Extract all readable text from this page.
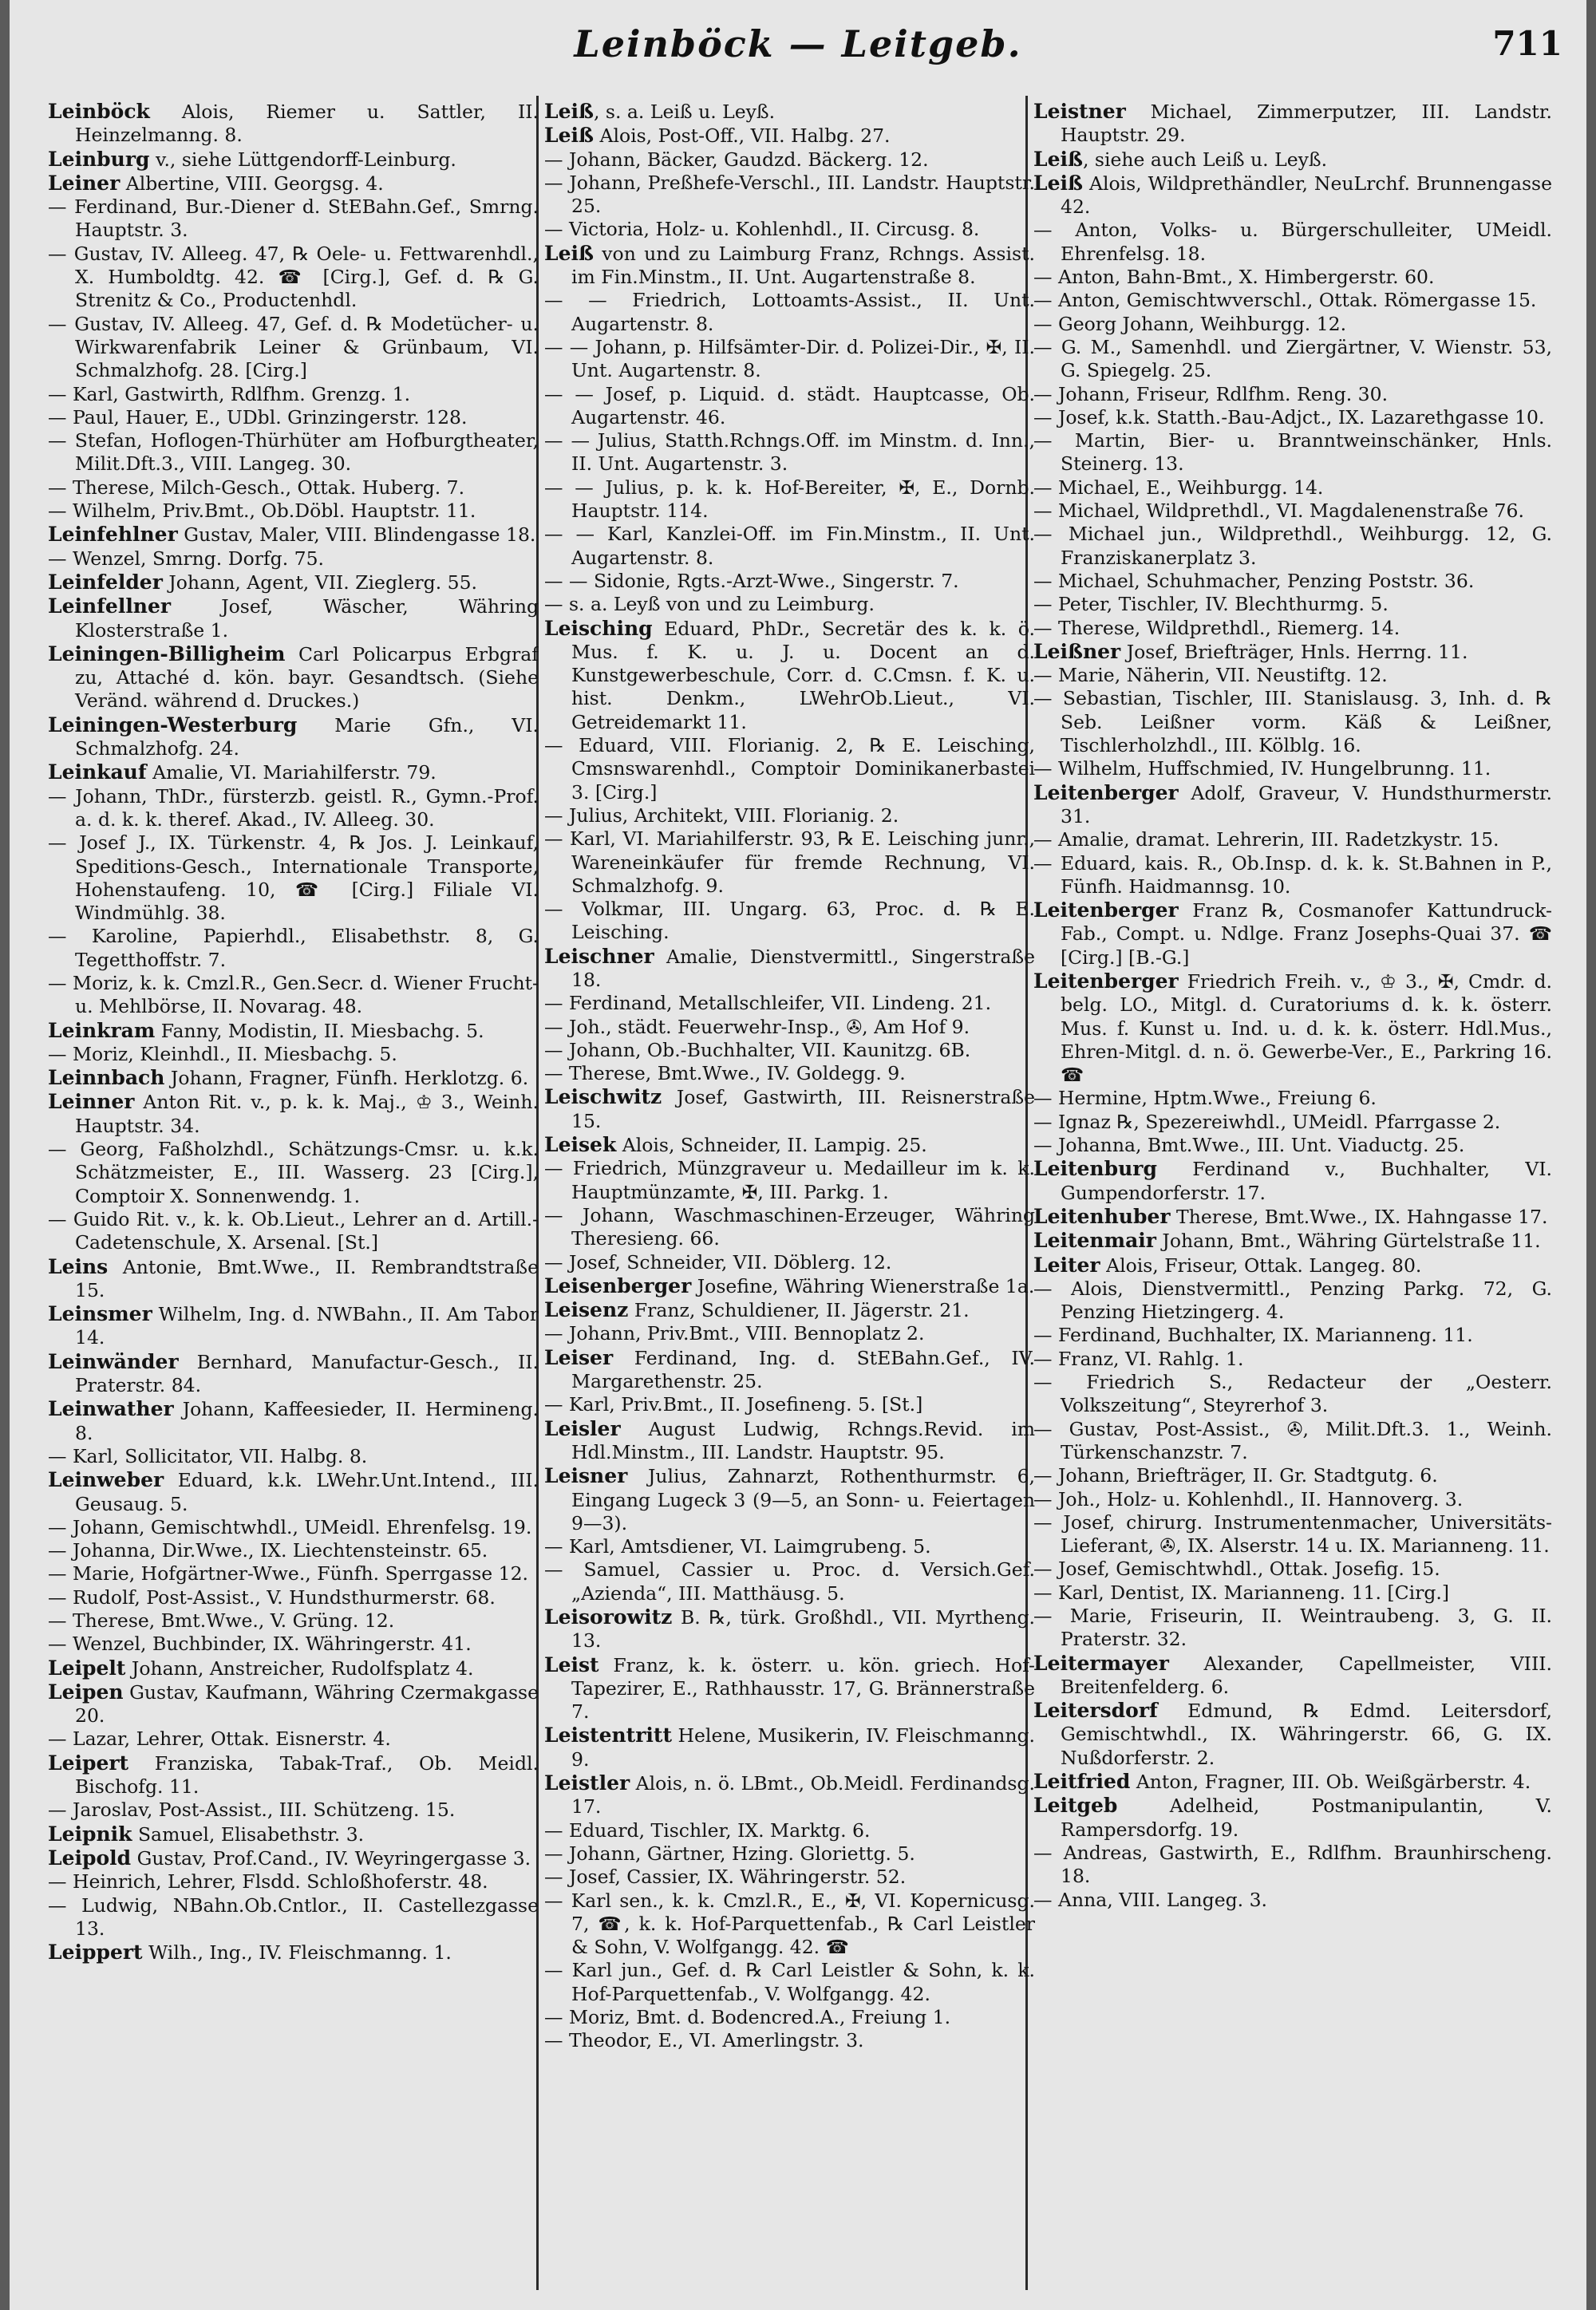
Leinböck — Leitgeb.	711

Leinböck Alois, Riemer u. Sattler, II. Heinzelmanng. 8.

Leinburg v., siehe Lüttgendorff-Leinburg.

Leiner Albertine, VIII. Georgsg. 4.

— Ferdinand, Bur.-Diener d. StEBahn.Gef., Smrng. Hauptstr. 3.

— Gustav, IV. Alleeg. 47, ℞ Oele- u. Fettwarenhdl., X. Humboldtg. 42. ☎ [Cirg.], Gef. d. ℞ G. Strenitz & Co., Productenhdl.

— Gustav, IV. Alleeg. 47, Gef. d. ℞ Modetücher- u. Wirkwarenfabrik Leiner & Grünbaum, VI. Schmalzhofg. 28. [Cirg.]

— Karl, Gastwirth, Rdlfhm. Grenzg. 1.

— Paul, Hauer, E., UDbl. Grinzingerstr. 128.

— Stefan, Hoflogen-Thürhüter am Hofburgtheater, Milit.Dft.3., VIII. Langeg. 30.

— Therese, Milch-Gesch., Ottak. Huberg. 7.

— Wilhelm, Priv.Bmt., Ob.Döbl. Hauptstr. 11.

Leinfehlner Gustav, Maler, VIII. Blindengasse 18.

— Wenzel, Smrng. Dorfg. 75.

Leinfelder Johann, Agent, VII. Zieglerg. 55.

Leinfellner	Josef, Wäscher, Währing Klosterstraße 1.

Leiningen-Billigheim Carl Policarpus Erbgraf zu, Attaché d. kön. bayr. Gesandtsch. (Siehe Veränd. während d. Druckes.)

Leiningen-Westerburg Marie Gfn., VI. Schmalzhofg. 24.

Leinkauf Amalie, VI. Mariahilferstr. 79.

— Johann, ThDr., fürsterzb. geistl. R., Gymn.-Prof. a. d. k. k. theref. Akad., IV. Alleeg. 30.

— Josef J., IX. Türkenstr. 4, ℞ Jos. J. Leinkauf, Speditions-Gesch., Internationale Transporte, Hohenstaufeng. 10, ☎ [Cirg.] Filiale VI. Windmühlg. 38.

— Karoline, Papierhdl., Elisabethstr. 8, G. Tegetthoffstr. 7.

— Moriz, k. k. Cmzl.R., Gen.Secr. d. Wiener Frucht- u. Mehlbörse, II. Novarag. 48.

Leinkram Fanny, Modistin, II. Miesbachg. 5.

— Moriz, Kleinhdl., II. Miesbachg. 5.

Leinnbach Johann, Fragner, Fünfh. Herklotzg. 6.

Leinner Anton Rit. v., p. k. k. Maj., ♔ 3., Weinh. Hauptstr. 34.

— Georg, Faßholzhdl., Schätzungs-Cmsr. u. k.k. Schätzmeister, E., III. Wasserg. 23 [Cirg.], Comptoir X. Sonnenwendg. 1.

— Guido Rit. v., k. k. Ob.Lieut., Lehrer an d. Artill.-Cadetenschule, X. Arsenal. [St.]

Leins Antonie, Bmt.Wwe., II. Rembrandtstraße 15.

Leinsmer Wilhelm, Ing. d. NWBahn., II. Am Tabor 14.

Leinwänder Bernhard, Manufactur-Gesch., II. Praterstr. 84.

Leinwather Johann, Kaffeesieder, II. Hermineng. 8.

— Karl, Sollicitator, VII. Halbg. 8.

Leinweber Eduard, k.k. LWehr.Unt.Intend., III. Geusaug. 5.

— Johann, Gemischtwhdl., UMeidl. Ehrenfelsg. 19.

— Johanna, Dir.Wwe., IX. Liechtensteinstr. 65.

— Marie, Hofgärtner-Wwe., Fünfh. Sperrgasse 12.

— Rudolf, Post-Assist., V. Hundsthurmerstr. 68.

— Therese, Bmt.Wwe., V. Grüng. 12.

— Wenzel, Buchbinder, IX. Währingerstr. 41.

Leipelt Johann, Anstreicher, Rudolfsplatz 4.

Leipen Gustav, Kaufmann, Währing Czermakgasse 20.

— Lazar, Lehrer, Ottak. Eisnerstr. 4.

Leipert Franziska, Tabak-Traf., Ob. Meidl. Bischofg. 11.

— Jaroslav, Post-Assist., III. Schützeng. 15.

Leipnik Samuel, Elisabethstr. 3.

Leipold Gustav, Prof.Cand., IV. Weyringergasse 3.

— Heinrich, Lehrer, Flsdd. Schloßhoferstr. 48.

— Ludwig, NBahn.Ob.Cntlor., II. Castellezgasse 13.

Leippert Wilh., Ing., IV. Fleischmanng. 1.

Leiß, s. a. Leiß u. Leyß.

Leiß Alois, Post-Off., VII. Halbg. 27.

— Johann, Bäcker, Gaudzd. Bäckerg. 12.

— Johann, Preßhefe-Verschl., III. Landstr. Hauptstr. 25.

— Victoria, Holz- u. Kohlenhdl., II. Circusg. 8.

Leiß von und zu Laimburg Franz, Rchngs. Assist. im Fin.Minstm., II. Unt. Augartenstraße 8.

— — Friedrich, Lottoamts-Assist., II. Unt. Augartenstr. 8.

— — Johann, p. Hilfsämter-Dir. d. Polizei-Dir., ✠, II. Unt. Augartenstr. 8.

— — Josef, p. Liquid. d. städt. Hauptcasse, Ob. Augartenstr. 46.

— — Julius, Statth.Rchngs.Off. im Minstm. d. Inn., II. Unt. Augartenstr. 3.

— — Julius, p. k. k. Hof-Bereiter, ✠, E., Dornb. Hauptstr. 114.

— — Karl, Kanzlei-Off. im Fin.Minstm., II. Unt. Augartenstr. 8.

— — Sidonie, Rgts.-Arzt-Wwe., Singerstr. 7.

— s. a. Leyß von und zu Leimburg.

Leisching Eduard, PhDr., Secretär des k. k. ö. Mus. f. K. u. J. u. Docent an d. Kunstgewerbeschule, Corr. d. C.Cmsn. f. K. u. hist. Denkm., LWehrOb.Lieut., VI. Getreidemarkt 11.

— Eduard, VIII. Florianig. 2, ℞ E. Leisching, Cmsnswarenhdl., Comptoir Dominikanerbastei 3. [Cirg.]

— Julius, Architekt, VIII. Florianig. 2.

— Karl, VI. Mariahilferstr. 93, ℞ E. Leisching junr., Wareneinkäufer für fremde Rechnung, VI. Schmalzhofg. 9.

— Volkmar, III. Ungarg. 63, Proc. d. ℞ E. Leisching.

Leischner Amalie, Dienstvermittl., Singerstraße 18.

— Ferdinand, Metallschleifer, VII. Lindeng. 21.

— Joh., städt. Feuerwehr-Insp., ✇, Am Hof 9.

— Johann, Ob.-Buchhalter, VII. Kaunitzg. 6B.

— Therese, Bmt.Wwe., IV. Goldegg. 9.

Leischwitz Josef, Gastwirth, III. Reisnerstraße 15.

Leisek Alois, Schneider, II. Lampig. 25.

— Friedrich, Münzgraveur u. Medailleur im k. k. Hauptmünzamte, ✠, III. Parkg. 1.

— Johann, Waschmaschinen-Erzeuger, Währing Theresieng. 66.

— Josef, Schneider, VII. Döblerg. 12.

Leisenberger Josefine, Währing Wienerstraße 1a.

Leisenz Franz, Schuldiener, II. Jägerstr. 21.

— Johann, Priv.Bmt., VIII. Bennoplatz 2.

Leiser Ferdinand, Ing. d. StEBahn.Gef., IV. Margarethenstr. 25.

— Karl, Priv.Bmt., II. Josefineng. 5. [St.]

Leisler August Ludwig, Rchngs.Revid. im Hdl.Minstm., III. Landstr. Hauptstr. 95.

Leisner Julius, Zahnarzt, Rothenthurmstr. 6, Eingang Lugeck 3 (9—5, an Sonn- u. Feiertagen 9—3).

— Karl, Amtsdiener, VI. Laimgrubeng. 5.

— Samuel, Cassier u. Proc. d. Versich.Gef. „Azienda“, III. Matthäusg. 5.

Leisorowitz B. ℞, türk. Großhdl., VII. Myrtheng. 13.

Leist Franz, k. k. österr. u. kön. griech. Hof-Tapezirer, E., Rathhausstr. 17, G. Brännerstraße 7.

Leistentritt Helene, Musikerin, IV. Fleischmanng. 9.

Leistler Alois, n. ö. LBmt., Ob.Meidl. Ferdinandsg. 17.

— Eduard, Tischler, IX. Marktg. 6.

— Johann, Gärtner, Hzing. Gloriettg. 5.

— Josef, Cassier, IX. Währingerstr. 52.

— Karl sen., k. k. Cmzl.R., E., ✠, VI. Kopernicusg. 7, ☎, k. k. Hof-Parquettenfab., ℞ Carl Leistler & Sohn, V. Wolfgangg. 42. ☎

— Karl jun., Gef. d. ℞ Carl Leistler & Sohn, k. k. Hof-Parquettenfab., V. Wolfgangg. 42.

— Moriz, Bmt. d. Bodencred.A., Freiung 1.

— Theodor, E., VI. Amerlingstr. 3.

Leistner Michael, Zimmerputzer, III. Landstr. Hauptstr. 29.

Leiß, siehe auch Leiß u. Leyß.

Leiß Alois, Wildprethändler, NeuLrchf. Brunnengasse 42.

— Anton, Volks- u. Bürgerschulleiter, UMeidl. Ehrenfelsg. 18.

— Anton, Bahn-Bmt., X. Himbergerstr. 60.

— Anton, Gemischtwverschl., Ottak. Römergasse 15.

— Georg Johann, Weihburgg. 12.

— G. M., Samenhdl. und Ziergärtner, V. Wienstr. 53, G. Spiegelg. 25.

— Johann, Friseur, Rdlfhm. Reng. 30.

— Josef, k.k. Statth.-Bau-Adjct., IX. Lazarethgasse 10.

— Martin, Bier- u. Branntweinschänker, Hnls. Steinerg. 13.

— Michael, E., Weihburgg. 14.

— Michael, Wildprethdl., VI. Magdalenenstraße 76.

— Michael jun., Wildprethdl., Weihburgg. 12, G. Franziskanerplatz 3.

— Michael, Schuhmacher, Penzing Poststr. 36.

— Peter, Tischler, IV. Blechthurmg. 5.

— Therese, Wildprethdl., Riemerg. 14.

Leißner Josef, Briefträger, Hnls. Herrng. 11.

— Marie, Näherin, VII. Neustiftg. 12.

— Sebastian, Tischler, III. Stanislausg. 3, Inh. d. ℞ Seb. Leißner vorm. Käß & Leißner, Tischlerholzhdl., III. Kölblg. 16.

— Wilhelm, Huffschmied, IV. Hungelbrunng. 11.

Leitenberger Adolf, Graveur, V. Hundsthurmerstr. 31.

— Amalie, dramat. Lehrerin, III. Radetzkystr. 15.

— Eduard, kais. R., Ob.Insp. d. k. k. St.Bahnen in P., Fünfh. Haidmannsg. 10.

Leitenberger Franz ℞, Cosmanofer Kattundruck-Fab., Compt. u. Ndlge. Franz Josephs-Quai 37. ☎ [Cirg.] [B.-G.]

Leitenberger Friedrich Freih. v., ♔ 3., ✠, Cmdr. d. belg. LO., Mitgl. d. Curatoriums d. k. k. österr. Mus. f. Kunst u. Ind. u. d. k. k. österr. Hdl.Mus., Ehren-Mitgl. d. n. ö. Gewerbe-Ver., E., Parkring 16. ☎

— Hermine, Hptm.Wwe., Freiung 6.

— Ignaz ℞, Spezereiwhdl., UMeidl. Pfarrgasse 2.

— Johanna, Bmt.Wwe., III. Unt. Viaductg. 25.

Leitenburg Ferdinand v., Buchhalter, VI. Gumpendorferstr. 17.

Leitenhuber Therese, Bmt.Wwe., IX. Hahngasse 17.

Leitenmair Johann, Bmt., Währing Gürtelstraße 11.

Leiter Alois, Friseur, Ottak. Langeg. 80.

— Alois, Dienstvermittl., Penzing Parkg. 72, G. Penzing Hietzingerg. 4.

— Ferdinand, Buchhalter, IX. Marianneng. 11.

— Franz, VI. Rahlg. 1.

— Friedrich S., Redacteur der „Oesterr. Volkszeitung“, Steyrerhof 3.

— Gustav, Post-Assist., ✇, Milit.Dft.3. 1., Weinh. Türkenschanzstr. 7.

— Johann, Briefträger, II. Gr. Stadtgutg. 6.

— Joh., Holz- u. Kohlenhdl., II. Hannoverg. 3.

— Josef, chirurg. Instrumentenmacher, Universitäts-Lieferant, ✇, IX. Alserstr. 14 u. IX. Marianneng. 11.

— Josef, Gemischtwhdl., Ottak. Josefig. 15.

— Karl, Dentist, IX. Marianneng. 11. [Cirg.]

— Marie, Friseurin, II. Weintraubeng. 3, G. II. Praterstr. 32.

Leitermayer Alexander, Capellmeister, VIII. Breitenfelderg. 6.

Leitersdorf Edmund, ℞ Edmd. Leitersdorf, Gemischtwhdl., IX. Währingerstr. 66, G. IX. Nußdorferstr. 2.

Leitfried Anton, Fragner, III. Ob. Weißgärberstr. 4.

Leitgeb	Adelheid, Postmanipulantin, V. Rampersdorfg. 19.

— Andreas, Gastwirth, E., Rdlfhm. Braunhirscheng. 18.

— Anna, VIII. Langeg. 3.
